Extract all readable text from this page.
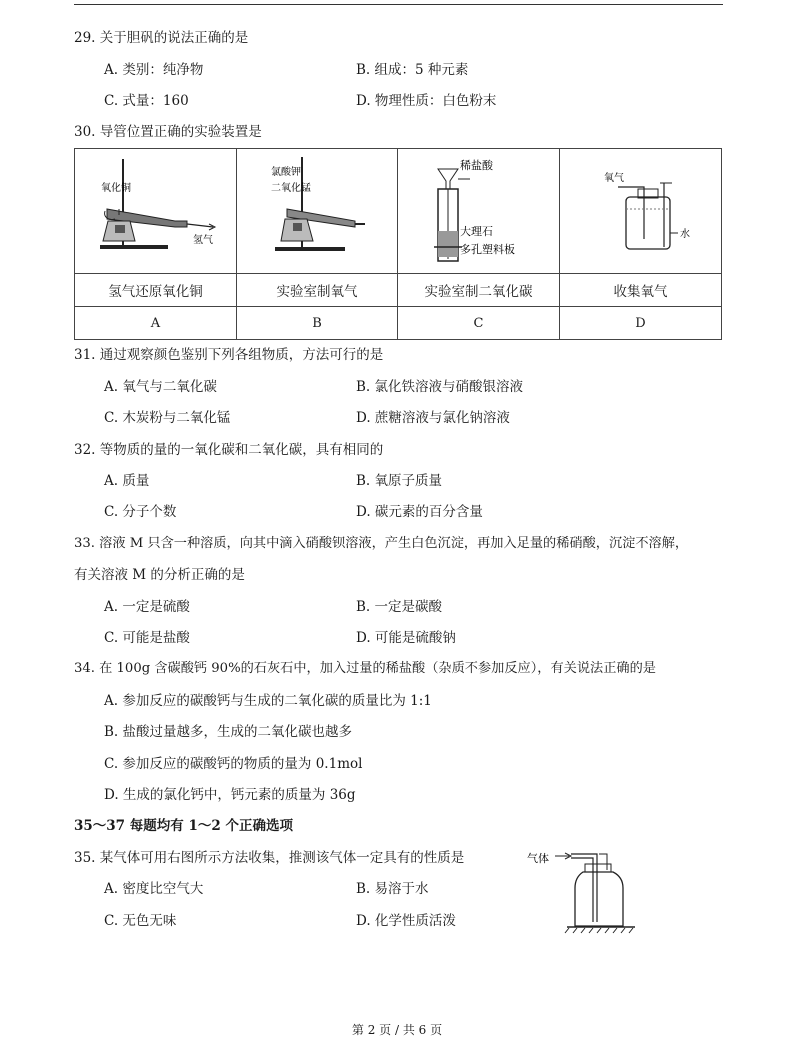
29. 关于胆矾的说法正确的是
A. 类别：纯净物	B. 组成：5 种元素
C. 式量：160	D. 物理性质：白色粉末
30. 导管位置正确的实验装置是
氧化铜
氢气	氯酸钾
二氧化锰	稀盐酸
大理石
多孔塑料板	氧气
水

氢气还原氧化铜	实验室制氧气	实验室制二氧化碳	收集氧气
A	B	C	D
31. 通过观察颜色鉴别下列各组物质，方法可行的是
A. 氧气与二氧化碳	B. 氯化铁溶液与硝酸银溶液
C. 木炭粉与二氧化锰	D. 蔗糖溶液与氯化钠溶液
32. 等物质的量的一氧化碳和二氧化碳，具有相同的
A. 质量	B. 氧原子质量
C. 分子个数	D. 碳元素的百分含量
33. 溶液 M 只含一种溶质，向其中滴入硝酸钡溶液，产生白色沉淀，再加入足量的稀硝酸，沉淀不溶解，
有关溶液 M 的分析正确的是
A. 一定是硫酸	B. 一定是碳酸
C. 可能是盐酸	D. 可能是硫酸钠
34. 在 100g 含碳酸钙 90%的石灰石中，加入过量的稀盐酸（杂质不参加反应），有关说法正确的是
A. 参加反应的碳酸钙与生成的二氧化碳的质量比为 1:1
B. 盐酸过量越多，生成的二氧化碳也越多
C. 参加反应的碳酸钙的物质的量为 0.1mol
D. 生成的氯化钙中，钙元素的质量为 36g
35～37 每题均有 1～2 个正确选项
35. 某气体可用右图所示方法收集，推测该气体一定具有的性质是
A. 密度比空气大	B. 易溶于水
C. 无色无味	D. 化学性质活泼
气体
第 2 页 / 共 6 页
